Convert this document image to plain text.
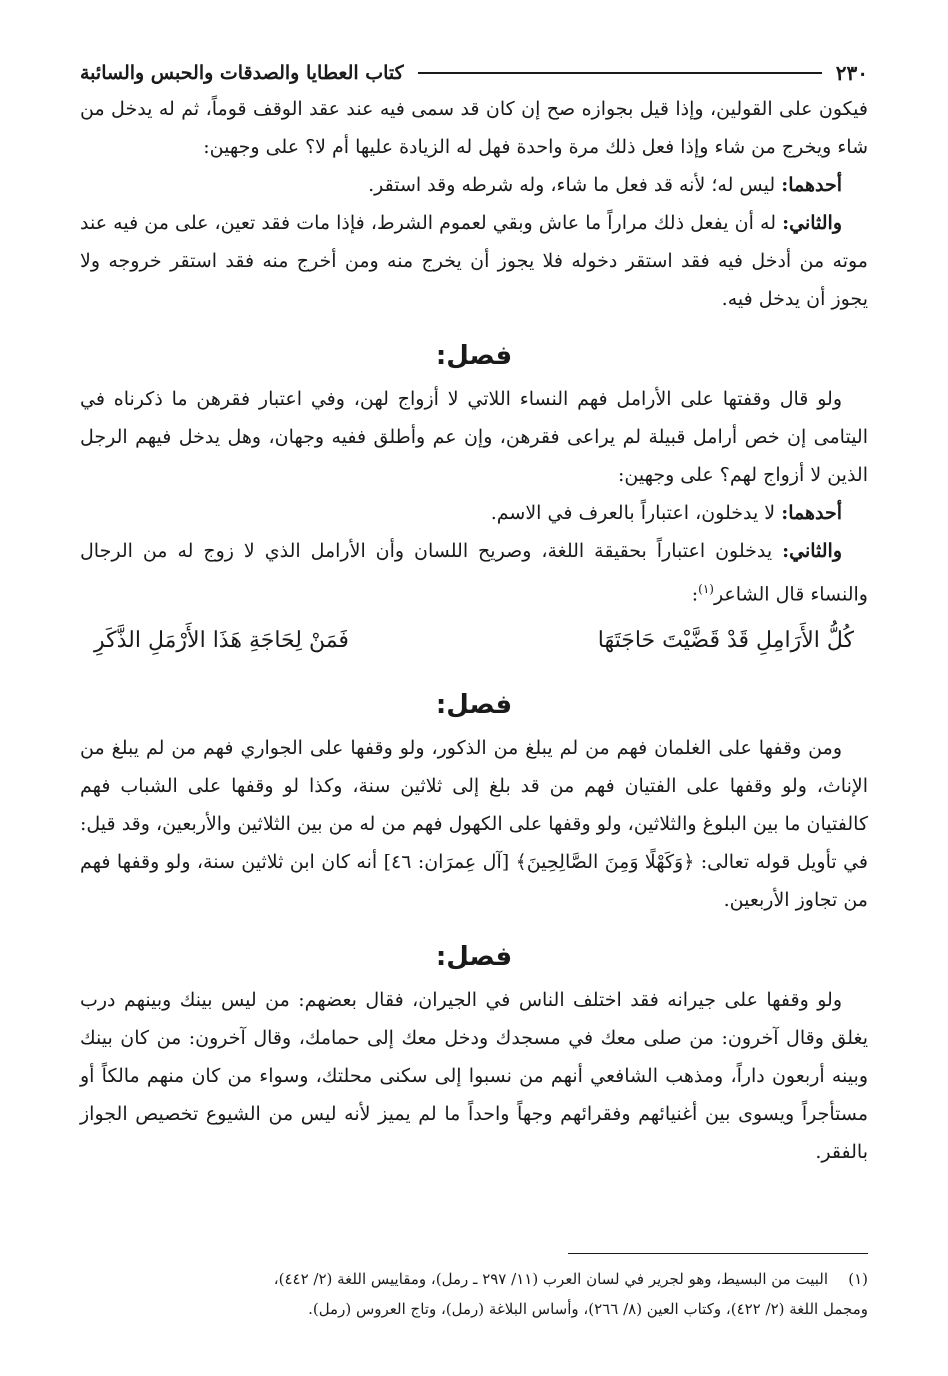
٢٣٠
كتاب العطايا والصدقات والحبس والسائبة

فيكون على القولين، وإذا قيل بجوازه صح إن كان قد سمى فيه عند عقد الوقف قوماً، ثم له يدخل من شاء ويخرج من شاء وإذا فعل ذلك مرة واحدة فهل له الزيادة عليها أم لا؟ على وجهين:

أحدهما: ليس له؛ لأنه قد فعل ما شاء، وله شرطه وقد استقر.

والثاني: له أن يفعل ذلك مراراً ما عاش وبقي لعموم الشرط، فإذا مات فقد تعين، على من فيه عند موته من أدخل فيه فقد استقر دخوله فلا يجوز أن يخرج منه ومن أخرج منه فقد استقر خروجه ولا يجوز أن يدخل فيه.

فصل:

ولو قال وقفتها على الأرامل فهم النساء اللاتي لا أزواج لهن، وفي اعتبار فقرهن ما ذكرناه في اليتامى إن خص أرامل قبيلة لم يراعى فقرهن، وإن عم وأطلق ففيه وجهان، وهل يدخل فيهم الرجل الذين لا أزواج لهم؟ على وجهين:

أحدهما: لا يدخلون، اعتباراً بالعرف في الاسم.

والثاني: يدخلون اعتباراً بحقيقة اللغة، وصريح اللسان وأن الأرامل الذي لا زوج له من الرجال والنساء قال الشاعر$^{(١)}$:

كُلُّ الأَرَامِلِ قَدْ قَضَّيْتَ حَاجَتَهَا
فَمَنْ لِحَاجَةِ هَذَا الأَرْمَلِ الذَّكَرِ
فصل:

ومن وقفها على الغلمان فهم من لم يبلغ من الذكور، ولو وقفها على الجواري فهم من لم يبلغ من الإناث، ولو وقفها على الفتيان فهم من قد بلغ إلى ثلاثين سنة، وكذا لو وقفها على الشباب فهم كالفتيان ما بين البلوغ والثلاثين، ولو وقفها على الكهول فهم من له من بين الثلاثين والأربعين، وقد قيل: في تأويل قوله تعالى: ﴿وَكَهْلًا وَمِنَ الصَّالِحِينَ﴾ [آل عِمرَان: ٤٦] أنه كان ابن ثلاثين سنة، ولو وقفها فهم من تجاوز الأربعين.

فصل:

ولو وقفها على جيرانه فقد اختلف الناس في الجيران، فقال بعضهم: من ليس بينك وبينهم درب يغلق وقال آخرون: من صلى معك في مسجدك ودخل معك إلى حمامك، وقال آخرون: من كان بينك وبينه أربعون داراً، ومذهب الشافعي أنهم من نسبوا إلى سكنى محلتك، وسواء من كان منهم مالكاً أو مستأجراً ويسوى بين أغنيائهم وفقرائهم وجهاً واحداً ما لم يميز لأنه ليس من الشيوع تخصيص الجواز بالفقر.

(١)البيت من البسيط، وهو لجرير في لسان العرب (١١/ ٢٩٧ ـ رمل)، ومقاييس اللغة (٢/ ٤٤٢)،

ومجمل اللغة (٢/ ٤٢٢)، وكتاب العين (٨/ ٢٦٦)، وأساس البلاغة (رمل)، وتاج العروس (رمل).
